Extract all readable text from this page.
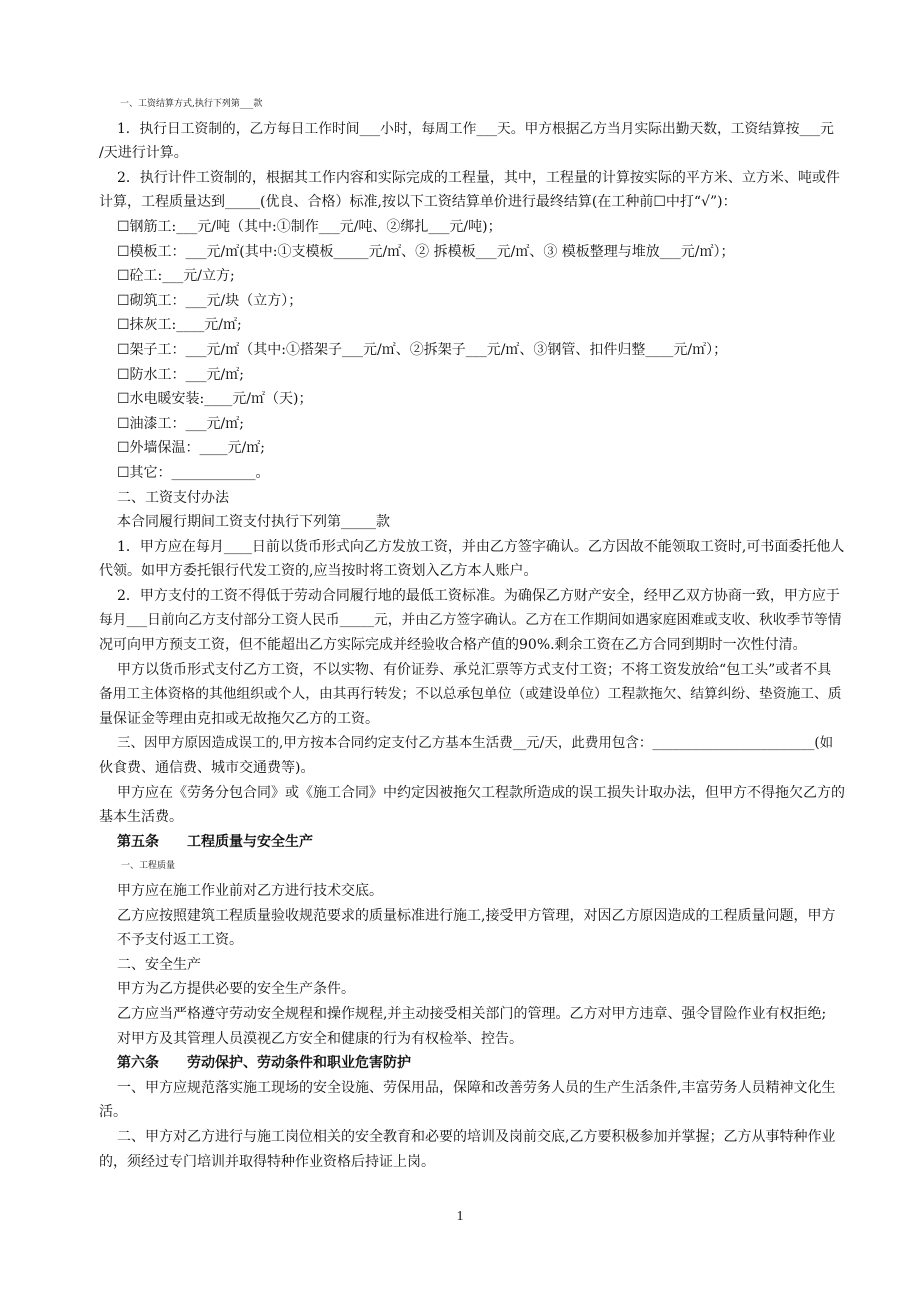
一、工资结算方式,执行下列第___款

1．执行日工资制的，乙方每日工作时间___小时，每周工作___天。甲方根据乙方当月实际出勤天数，工资结算按___元

/天进行计算。

2．执行计件工资制的，根据其工作内容和实际完成的工程量，其中，工程量的计算按实际的平方米、立方米、吨或件

计算，工程质量达到_____(优良、合格）标准,按以下工资结算单价进行最终结算(在工种前☐中打“√”)：

☐钢筋工:___元/吨（其中:①制作___元/吨、②绑扎___元/吨)；

☐模板工：___元/㎡(其中:①支模板_____元/㎡、② 拆模板___元/㎡、③ 模板整理与堆放___元/㎡）；

☐砼工:___元/立方;

☐砌筑工：___元/块（立方）；

☐抹灰工:____元/㎡;

☐架子工：___元/㎡（其中:①搭架子___元/㎡、②拆架子___元/㎡、③钢管、扣件归整____元/㎡）；

☐防水工：___元/㎡;

☐水电暖安装:____元/㎡（天)；

☐油漆工：___元/㎡;

☐外墙保温：____元/㎡;

☐其它：____________。

二、工资支付办法

本合同履行期间工资支付执行下列第_____款

1．甲方应在每月____日前以货币形式向乙方发放工资，并由乙方签字确认。乙方因故不能领取工资时,可书面委托他人

代领。如甲方委托银行代发工资的,应当按时将工资划入乙方本人账户。

2．甲方支付的工资不得低于劳动合同履行地的最低工资标准。为确保乙方财产安全，经甲乙双方协商一致，甲方应于

每月___日前向乙方支付部分工资人民币_____元，并由乙方签字确认。乙方在工作期间如遇家庭困难或支收、秋收季节等情

况可向甲方预支工资，但不能超出乙方实际完成并经验收合格产值的90%.剩余工资在乙方合同到期时一次性付清。

甲方以货币形式支付乙方工资，不以实物、有价证券、承兑汇票等方式支付工资；不将工资发放给“包工头”或者不具

备用工主体资格的其他组织或个人，由其再行转发；不以总承包单位（或建设单位）工程款拖欠、结算纠纷、垫资施工、质

量保证金等理由克扣或无故拖欠乙方的工资。

三、因甲方原因造成误工的,甲方按本合同约定支付乙方基本生活费__元/天，此费用包含：________________________(如

伙食费、通信费、城市交通费等)。

甲方应在《劳务分包合同》或《施工合同》中约定因被拖欠工程款所造成的误工损失计取办法，但甲方不得拖欠乙方的

基本生活费。

第五条 工程质量与安全生产

一、工程质量

甲方应在施工作业前对乙方进行技术交底。

乙方应按照建筑工程质量验收规范要求的质量标准进行施工,接受甲方管理，对因乙方原因造成的工程质量问题，甲方

不予支付返工工资。

二、安全生产

甲方为乙方提供必要的安全生产条件。

乙方应当严格遵守劳动安全规程和操作规程,并主动接受相关部门的管理。乙方对甲方违章、强令冒险作业有权拒绝;

对甲方及其管理人员漠视乙方安全和健康的行为有权检举、控告。

第六条 劳动保护、劳动条件和职业危害防护

一、甲方应规范落实施工现场的安全设施、劳保用品，保障和改善劳务人员的生产生活条件,丰富劳务人员精神文化生

活。

二、甲方对乙方进行与施工岗位相关的安全教育和必要的培训及岗前交底,乙方要积极参加并掌握；乙方从事特种作业

的，须经过专门培训并取得特种作业资格后持证上岗。

1
